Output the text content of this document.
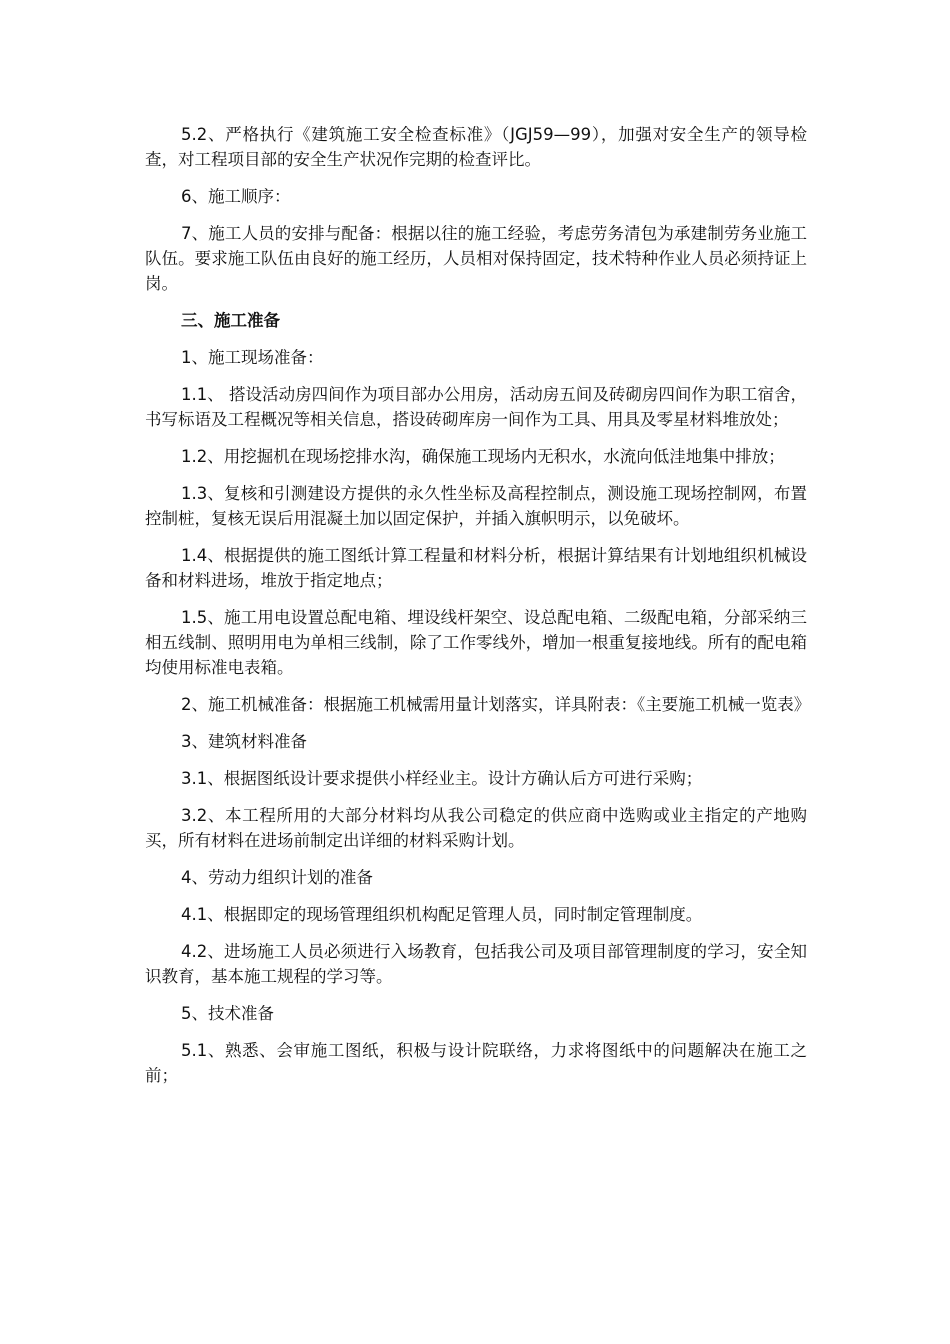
5.2、严格执行《建筑施工安全检查标准》（JGJ59—99），加强对安全生产的领导检查，对工程项目部的安全生产状况作完期的检查评比。

6、施工顺序：

7、施工人员的安排与配备：根据以往的施工经验，考虑劳务清包为承建制劳务业施工队伍。要求施工队伍由良好的施工经历，人员相对保持固定，技术特种作业人员必须持证上岗。

三、施工准备

1、施工现场准备：

1.1、 搭设活动房四间作为项目部办公用房，活动房五间及砖砌房四间作为职工宿舍，书写标语及工程概况等相关信息，搭设砖砌库房一间作为工具、用具及零星材料堆放处；

1.2、用挖掘机在现场挖排水沟，确保施工现场内无积水，水流向低洼地集中排放；

1.3、复核和引测建设方提供的永久性坐标及高程控制点，测设施工现场控制网，布置控制桩，复核无误后用混凝土加以固定保护，并插入旗帜明示，以免破坏。

1.4、根据提供的施工图纸计算工程量和材料分析，根据计算结果有计划地组织机械设备和材料进场，堆放于指定地点；

1.5、施工用电设置总配电箱、埋设线杆架空、设总配电箱、二级配电箱，分部采纳三相五线制、照明用电为单相三线制，除了工作零线外，增加一根重复接地线。所有的配电箱均使用标准电表箱。

2、施工机械准备：根据施工机械需用量计划落实，详具附表：《主要施工机械一览表》

3、建筑材料准备

3.1、根据图纸设计要求提供小样经业主。设计方确认后方可进行采购；

3.2、本工程所用的大部分材料均从我公司稳定的供应商中选购或业主指定的产地购买，所有材料在进场前制定出详细的材料采购计划。

4、劳动力组织计划的准备

4.1、根据即定的现场管理组织机构配足管理人员，同时制定管理制度。

4.2、进场施工人员必须进行入场教育，包括我公司及项目部管理制度的学习，安全知识教育，基本施工规程的学习等。

5、技术准备

5.1、熟悉、会审施工图纸，积极与设计院联络，力求将图纸中的问题解决在施工之前；
